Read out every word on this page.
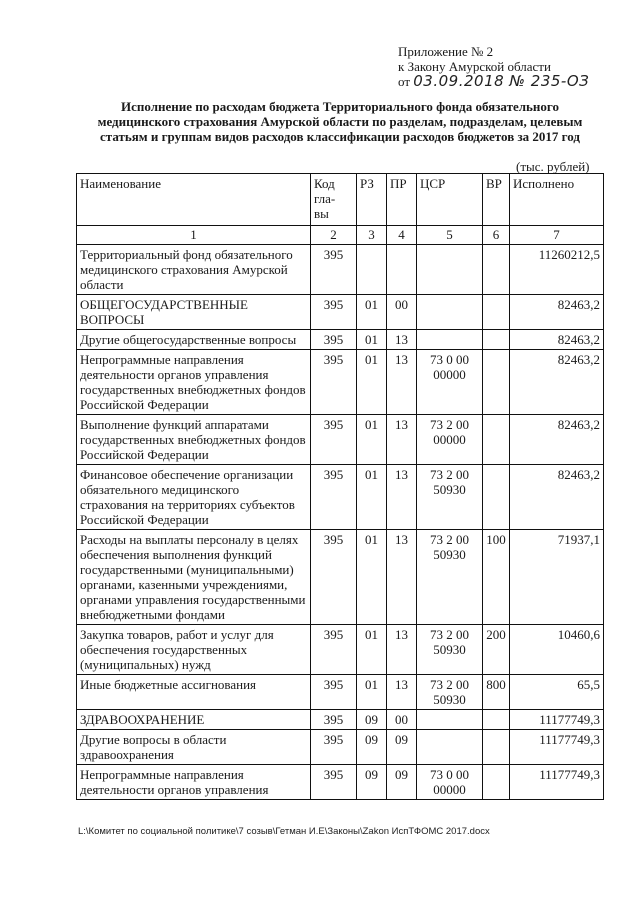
Приложение № 2
к Закону Амурской области
от 03.09.2018 № 235-ОЗ
Исполнение по расходам бюджета Территориального фонда обязательного
медицинского страхования Амурской области по разделам, подразделам, целевым
статьям и группам видов расходов классификации расходов бюджетов за 2017 год
(тыс. рублей)
Наименование	Код гла- вы	РЗ	ПР	ЦСР	ВР	Исполнено
1	2	3	4	5	6	7
Территориальный фонд обязательного медицинского страхования Амурской области	395					11260212,5
ОБЩЕГОСУДАРСТВЕННЫЕ ВОПРОСЫ	395	01	00			82463,2
Другие общегосударственные вопросы	395	01	13			82463,2
Непрограммные направления деятельности органов управления государственных внебюджетных фондов Российской Федерации	395	01	13	73 0 00 00000		82463,2
Выполнение функций аппаратами государственных внебюджетных фондов Российской Федерации	395	01	13	73 2 00 00000		82463,2
Финансовое обеспечение организации обязательного медицинского страхования на территориях субъектов Российской Федерации	395	01	13	73 2 00 50930		82463,2
Расходы на выплаты персоналу в целях обеспечения выполнения функций государственными (муниципальными) органами, казенными учреждениями, органами управления государственными внебюджетными фондами	395	01	13	73 2 00 50930	100	71937,1
Закупка товаров, работ и услуг для обеспечения государственных (муниципальных) нужд	395	01	13	73 2 00 50930	200	10460,6
Иные бюджетные ассигнования	395	01	13	73 2 00 50930	800	65,5
ЗДРАВООХРАНЕНИЕ	395	09	00			11177749,3
Другие вопросы в области здравоохранения	395	09	09			11177749,3
Непрограммные направления деятельности органов управления	395	09	09	73 0 00 00000		11177749,3
L:\Комитет по социальной политике\7 созыв\Гетман И.Е\Законы\Zakon ИспТФОМС 2017.docx
